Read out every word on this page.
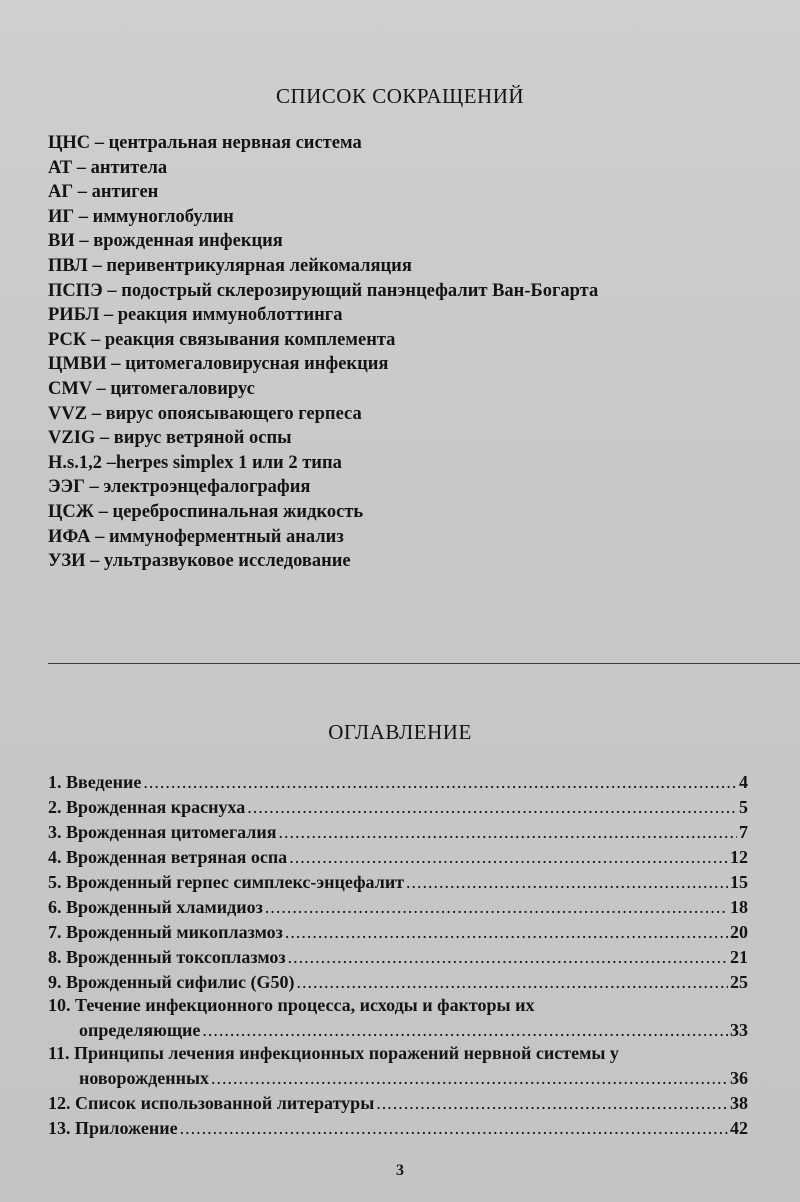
СПИСОК СОКРАЩЕНИЙ
ЦНС – центральная нервная система
АТ – антитела
АГ – антиген
ИГ – иммуноглобулин
ВИ – врожденная инфекция
ПВЛ – перивентрикулярная лейкомаляция
ПСПЭ – подострый склерозирующий панэнцефалит Ван-Богарта
РИБЛ – реакция иммуноблоттинга
РСК – реакция связывания комплемента
ЦМВИ – цитомегаловирусная инфекция
CMV – цитомегаловирус
VVZ – вирус опоясывающего герпеса
VZIG – вирус ветряной оспы
H.s.1,2 –herpes simplex 1 или 2 типа
ЭЭГ – электроэнцефалография
ЦСЖ – цереброспинальная жидкость
ИФА – иммуноферментный анализ
УЗИ – ультразвуковое исследование
ОГЛАВЛЕНИЕ
1. Введение .....	4
2. Врожденная краснуха .....	5
3. Врожденная цитомегалия .....	7
4. Врожденная ветряная оспа .....	12
5. Врожденный герпес симплекс-энцефалит .....	15
6. Врожденный хламидиоз .....	18
7. Врожденный микоплазмоз .....	20
8. Врожденный токсоплазмоз .....	21
9. Врожденный сифилис (G50) .....	25
10. Течение инфекционного процесса, исходы и факторы их
определяющие .....	33
11. Принципы лечения инфекционных поражений нервной системы у
новорожденных .....	36
12. Список использованной литературы .....	38
13. Приложение .....	42
3
